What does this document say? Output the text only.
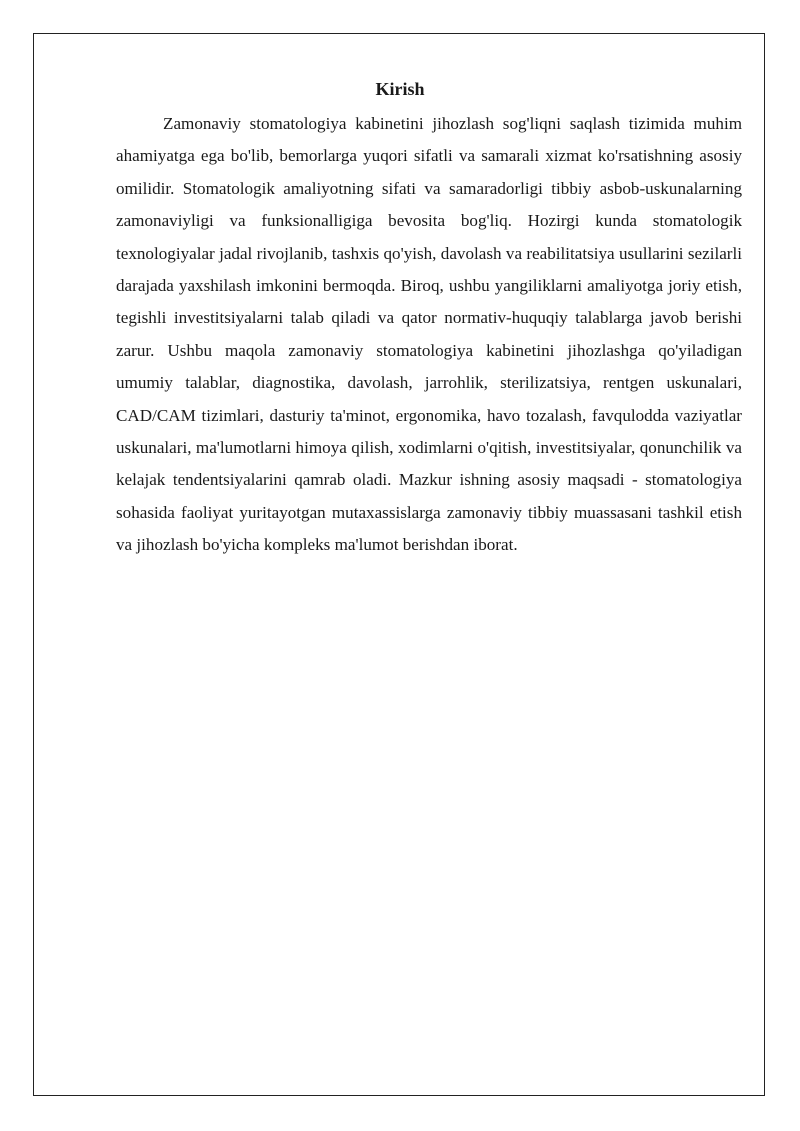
Kirish

Zamonaviy stomatologiya kabinetini jihozlash sog'liqni saqlash tizimida muhim ahamiyatga ega bo'lib, bemorlarga yuqori sifatli va samarali xizmat ko'rsatishning asosiy omilidir. Stomatologik amaliyotning sifati va samaradorligi tibbiy asbob-uskunalarning zamonaviyligi va funksionalligiga bevosita bog'liq. Hozirgi kunda stomatologik texnologiyalar jadal rivojlanib, tashxis qo'yish, davolash va reabilitatsiya usullarini sezilarli darajada yaxshilash imkonini bermoqda. Biroq, ushbu yangiliklarni amaliyotga joriy etish, tegishli investitsiyalarni talab qiladi va qator normativ-huquqiy talablarga javob berishi zarur. Ushbu maqola zamonaviy stomatologiya kabinetini jihozlashga qo'yiladigan umumiy talablar, diagnostika, davolash, jarrohlik, sterilizatsiya, rentgen uskunalari, CAD/CAM tizimlari, dasturiy ta'minot, ergonomika, havo tozalash, favqulodda vaziyatlar uskunalari, ma'lumotlarni himoya qilish, xodimlarni o'qitish, investitsiyalar, qonunchilik va kelajak tendentsiyalarini qamrab oladi. Mazkur ishning asosiy maqsadi - stomatologiya sohasida faoliyat yuritayotgan mutaxassislarga zamonaviy tibbiy muassasani tashkil etish va jihozlash bo'yicha kompleks ma'lumot berishdan iborat.
